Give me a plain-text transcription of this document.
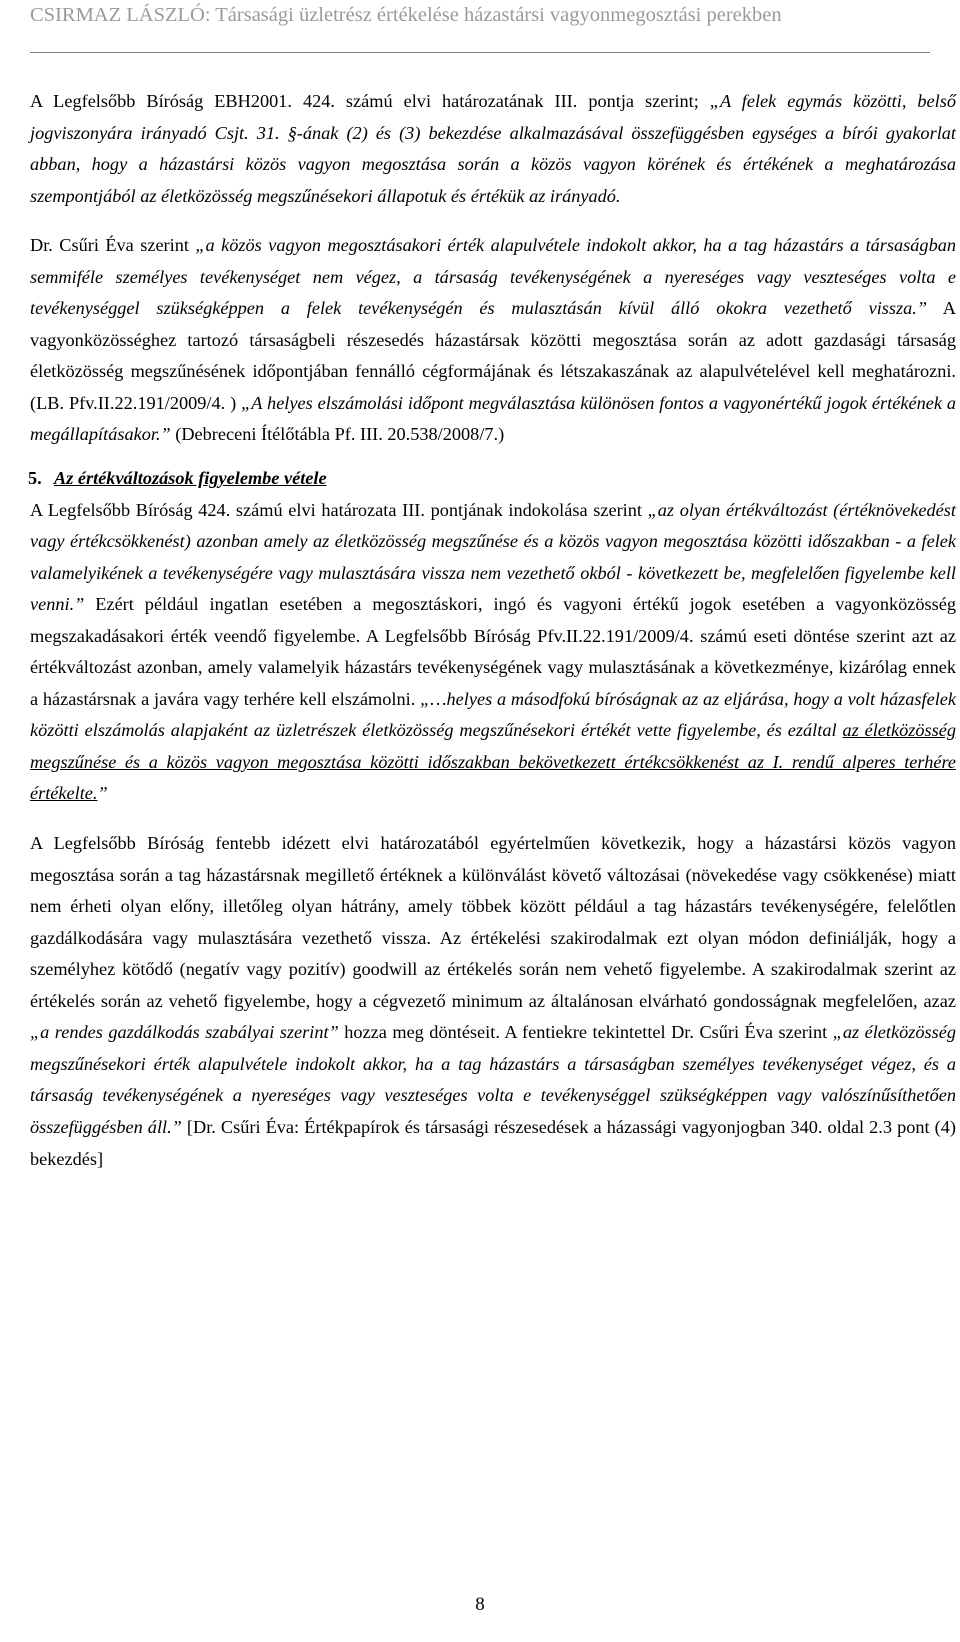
CSIRMAZ LÁSZLÓ: Társasági üzletrész értékelése házastársi vagyonmegosztási perekben

A Legfelsőbb Bíróság EBH2001. 424. számú elvi határozatának III. pontja szerint; „A felek egymás közötti, belső jogviszonyára irányadó Csjt. 31. §-ának (2) és (3) bekezdése alkalmazásával összefüggésben egységes a bírói gyakorlat abban, hogy a házastársi közös vagyon megosztása során a közös vagyon körének és értékének a meghatározása szempontjából az életközösség megszűnésekori állapotuk és értékük az irányadó.

Dr. Csűri Éva szerint „a közös vagyon megosztásakori érték alapulvétele indokolt akkor, ha a tag házastárs a társaságban semmiféle személyes tevékenységet nem végez, a társaság tevékenységének a nyereséges vagy veszteséges volta e tevékenységgel szükségképpen a felek tevékenységén és mulasztásán kívül álló okokra vezethető vissza.” A vagyonközösséghez tartozó társaságbeli részesedés házastársak közötti megosztása során az adott gazdasági társaság életközösség megszűnésének időpontjában fennálló cégformájának és létszakaszának az alapulvételével kell meghatározni. (LB. Pfv.II.22.191/2009/4. ) „A helyes elszámolási időpont megválasztása különösen fontos a vagyonértékű jogok értékének a megállapításakor.” (Debreceni Ítélőtábla Pf. III. 20.538/2008/7.)

5. Az értékváltozások figyelembe vétele

A Legfelsőbb Bíróság 424. számú elvi határozata III. pontjának indokolása szerint „az olyan értékváltozást (értéknövekedést vagy értékcsökkenést) azonban amely az életközösség megszűnése és a közös vagyon megosztása közötti időszakban - a felek valamelyikének a tevékenységére vagy mulasztására vissza nem vezethető okból - következett be, megfelelően figyelembe kell venni.” Ezért például ingatlan esetében a megosztáskori, ingó és vagyoni értékű jogok esetében a vagyonközösség megszakadásakori érték veendő figyelembe. A Legfelsőbb Bíróság Pfv.II.22.191/2009/4. számú eseti döntése szerint azt az értékváltozást azonban, amely valamelyik házastárs tevékenységének vagy mulasztásának a következménye, kizárólag ennek a házastársnak a javára vagy terhére kell elszámolni. „…helyes a másodfokú bíróságnak az az eljárása, hogy a volt házasfelek közötti elszámolás alapjaként az üzletrészek életközösség megszűnésekori értékét vette figyelembe, és ezáltal az életközösség megszűnése és a közös vagyon megosztása közötti időszakban bekövetkezett értékcsökkenést az I. rendű alperes terhére értékelte.”

A Legfelsőbb Bíróság fentebb idézett elvi határozatából egyértelműen következik, hogy a házastársi közös vagyon megosztása során a tag házastársnak megillető értéknek a különválást követő változásai (növekedése vagy csökkenése) miatt nem érheti olyan előny, illetőleg olyan hátrány, amely többek között például a tag házastárs tevékenységére, felelőtlen gazdálkodására vagy mulasztására vezethető vissza. Az értékelési szakirodalmak ezt olyan módon definiálják, hogy a személyhez kötődő (negatív vagy pozitív) goodwill az értékelés során nem vehető figyelembe. A szakirodalmak szerint az értékelés során az vehető figyelembe, hogy a cégvezető minimum az általánosan elvárható gondosságnak megfelelően, azaz „a rendes gazdálkodás szabályai szerint” hozza meg döntéseit. A fentiekre tekintettel Dr. Csűri Éva szerint „az életközösség megszűnésekori érték alapulvétele indokolt akkor, ha a tag házastárs a társaságban személyes tevékenységet végez, és a társaság tevékenységének a nyereséges vagy veszteséges volta e tevékenységgel szükségképpen vagy valószínűsíthetően összefüggésben áll.” [Dr. Csűri Éva: Értékpapírok és társasági részesedések a házassági vagyonjogban 340. oldal 2.3 pont (4) bekezdés]

8
